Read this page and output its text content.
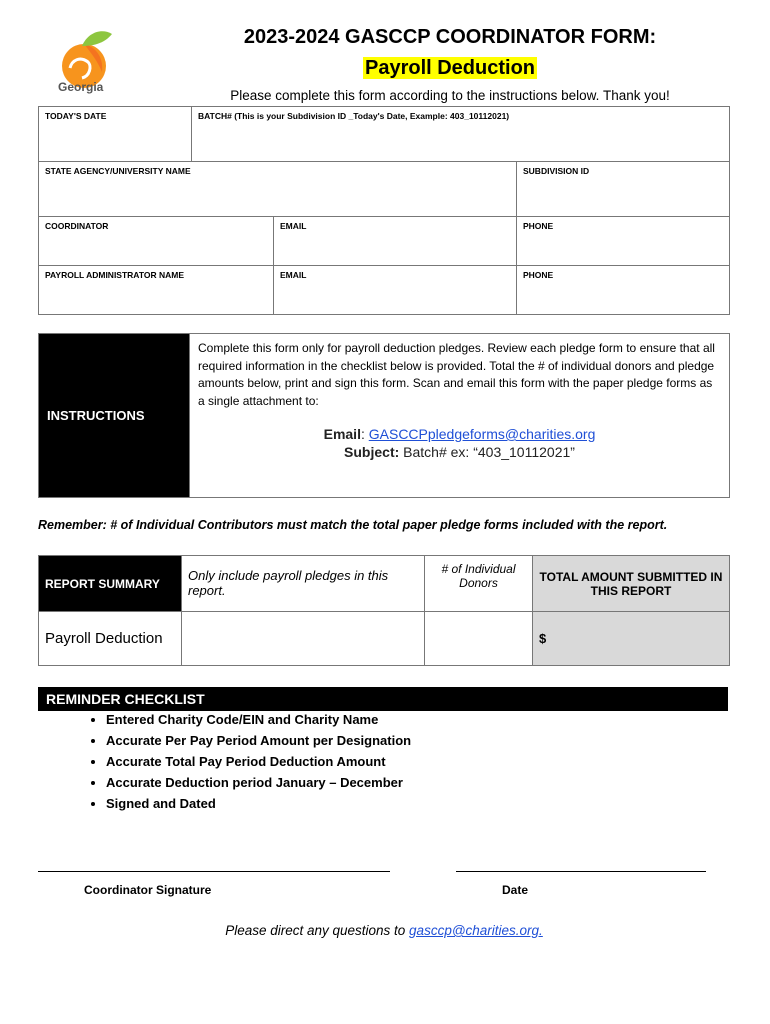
Georgia
2023-2024 GASCCP COORDINATOR FORM:
Payroll Deduction
Please complete this form according to the instructions below. Thank you!
TODAY'S DATE	BATCH# (This is your Subdivision ID _Today's Date, Example: 403_10112021)		
STATE AGENCY/UNIVERSITY NAME			SUBDIVISION ID
COORDINATOR		EMAIL	PHONE
PAYROLL ADMINISTRATOR NAME		EMAIL	PHONE
INSTRUCTIONS	
Complete this form only for payroll deduction pledges. Review each pledge form to ensure that all required information in the checklist below is provided. Total the # of individual donors and pledge amounts below, print and sign this form. Scan and email this form with the paper pledge forms as a single attachment to:
Email: GASCCPpledgeforms@charities.org
Subject: Batch# ex: “403_10112021”
Remember: # of Individual Contributors must match the total paper pledge forms included with the report.
REPORT SUMMARY	Only include payroll pledges in this report.	# of Individual Donors	TOTAL AMOUNT SUBMITTED IN THIS REPORT
Payroll Deduction			$
REMINDER CHECKLIST
• Entered Charity Code/EIN and Charity Name
• Accurate Per Pay Period Amount per Designation
• Accurate Total Pay Period Deduction Amount
• Accurate Deduction period January – December
• Signed and Dated
Coordinator Signature	Date
Please direct any questions to gasccp@charities.org.
